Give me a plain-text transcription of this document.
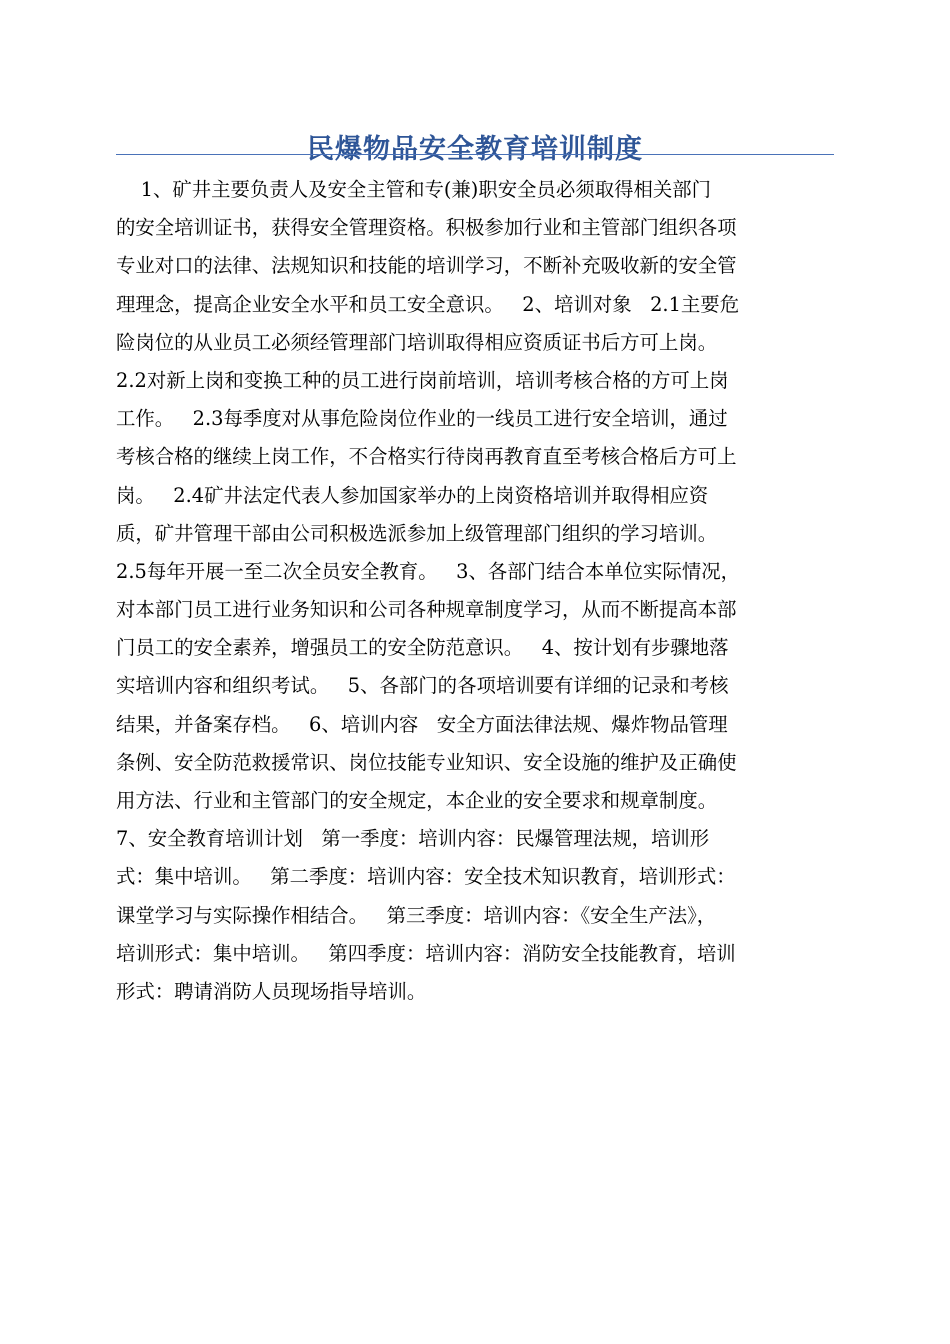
民爆物品安全教育培训制度
1、矿井主要负责人及安全主管和专(兼)职安全员必须取得相关部门
的安全培训证书，获得安全管理资格。积极参加行业和主管部门组织各项
专业对口的法律、法规知识和技能的培训学习，不断补充吸收新的安全管
理理念，提高企业安全水平和员工安全意识。   2、培训对象   2.1主要危
险岗位的从业员工必须经管理部门培训取得相应资质证书后方可上岗。
2.2对新上岗和变换工种的员工进行岗前培训，培训考核合格的方可上岗
工作。   2.3每季度对从事危险岗位作业的一线员工进行安全培训，通过
考核合格的继续上岗工作，不合格实行待岗再教育直至考核合格后方可上
岗。   2.4矿井法定代表人参加国家举办的上岗资格培训并取得相应资
质，矿井管理干部由公司积极选派参加上级管理部门组织的学习培训。
2.5每年开展一至二次全员安全教育。   3、各部门结合本单位实际情况，
对本部门员工进行业务知识和公司各种规章制度学习，从而不断提高本部
门员工的安全素养，增强员工的安全防范意识。   4、按计划有步骤地落
实培训内容和组织考试。   5、各部门的各项培训要有详细的记录和考核
结果，并备案存档。   6、培训内容   安全方面法律法规、爆炸物品管理
条例、安全防范救援常识、岗位技能专业知识、安全设施的维护及正确使
用方法、行业和主管部门的安全规定，本企业的安全要求和规章制度。
7、安全教育培训计划   第一季度：培训内容：民爆管理法规，培训形
式：集中培训。   第二季度：培训内容：安全技术知识教育，培训形式：
课堂学习与实际操作相结合。   第三季度：培训内容：《安全生产法》，
培训形式：集中培训。   第四季度：培训内容：消防安全技能教育，培训
形式：聘请消防人员现场指导培训。
